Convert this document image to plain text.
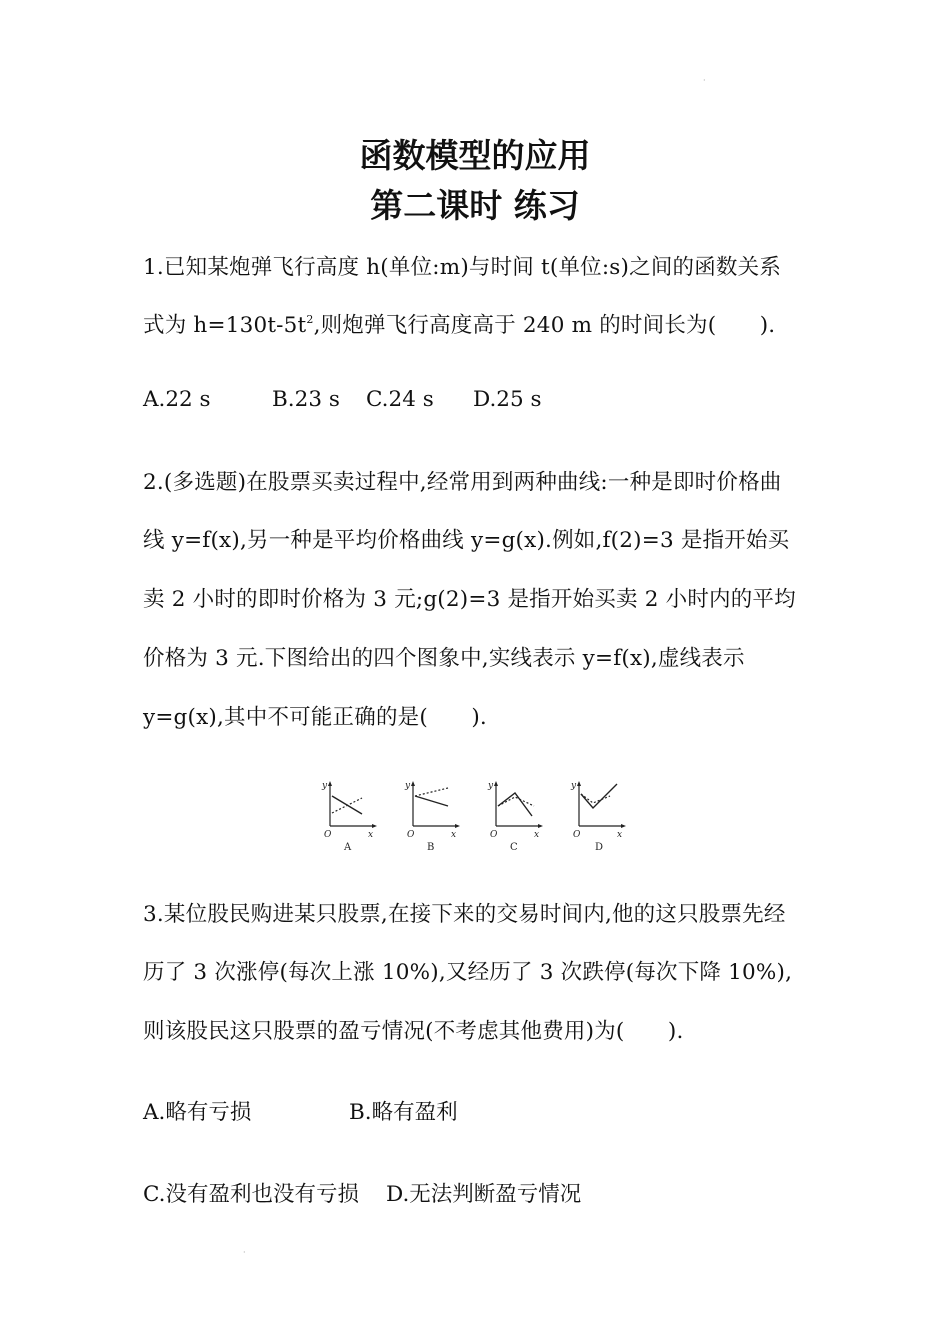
·
函数模型的应用
第二课时 练习
1.已知某炮弹飞行高度 h(单位:m)与时间 t(单位:s)之间的函数关系
式为 $h=130t-5t^2$,则炮弹飞行高度高于 240 m 的时间长为(　　).
A.22 s	B.23 s C.24 s D.25 s
2.(多选题)在股票买卖过程中,经常用到两种曲线:一种是即时价格曲
线 y=f(x),另一种是平均价格曲线 y=g(x).例如,f(2)=3 是指开始买
卖 2 小时的即时价格为 3 元;g(2)=3 是指开始买卖 2 小时内的平均
价格为 3 元.下图给出的四个图象中,实线表示 y=f(x),虚线表示
y=g(x),其中不可能正确的是(　　).
y
O	x
A
y
O	x
B
y
O	x
C
y
O	x
D
3.某位股民购进某只股票,在接下来的交易时间内,他的这只股票先经
历了 3 次涨停(每次上涨 10%),又经历了 3 次跌停(每次下降 10%),
则该股民这只股票的盈亏情况(不考虑其他费用)为(　　).
A.略有亏损	B.略有盈利
C.没有盈利也没有亏损 D.无法判断盈亏情况
·
